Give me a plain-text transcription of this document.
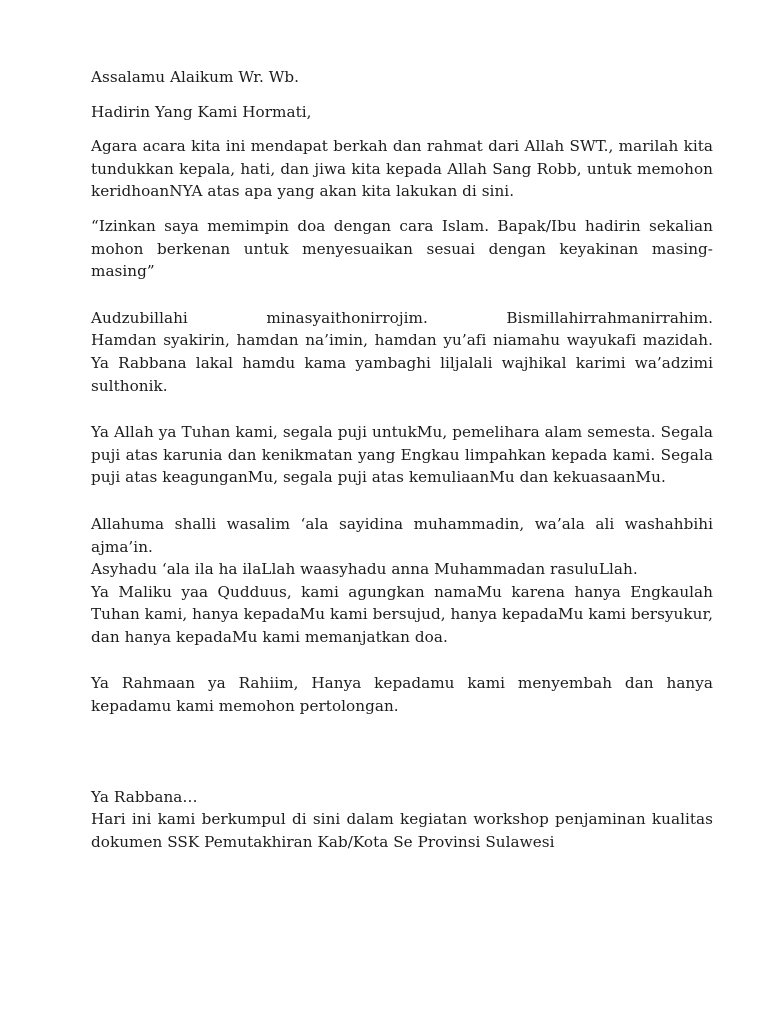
Assalamu Alaikum Wr. Wb.

Hadirin Yang Kami Hormati,

Agara acara kita ini mendapat berkah dan rahmat dari Allah SWT., marilah kita tundukkan kepala, hati, dan jiwa kita kepada Allah Sang Robb, untuk memohon keridhoanNYA atas apa yang akan kita lakukan di sini.

“Izinkan saya memimpin doa dengan cara Islam. Bapak/Ibu hadirin sekalian mohon berkenan untuk menyesuaikan sesuai dengan keyakinan masing-masing”

Audzubillahi minasyaithonirrojim. Bismillahirrahmanirrahim.
Hamdan syakirin, hamdan na’imin, hamdan yu’afi niamahu wayukafi mazidah. Ya Rabbana lakal hamdu kama yambaghi liljalali wajhikal karimi wa’adzimi sulthonik.

Ya Allah ya Tuhan kami, segala puji untukMu, pemelihara alam semesta. Segala puji atas karunia dan kenikmatan yang Engkau limpahkan kepada kami. Segala puji atas keagunganMu, segala puji atas kemuliaanMu dan kekuasaanMu.

Allahuma shalli wasalim ‘ala sayidina muhammadin, wa’ala ali washahbihi ajma’in.

Asyhadu ‘ala ila ha ilaLlah waasyhadu anna Muhammadan rasuluLlah.

Ya Maliku yaa Qudduus, kami agungkan namaMu karena hanya Engkaulah Tuhan kami, hanya kepadaMu kami bersujud, hanya kepadaMu kami bersyukur, dan hanya kepadaMu kami memanjatkan doa.

Ya Rahmaan ya Rahiim, Hanya kepadamu kami menyembah dan hanya kepadamu kami memohon pertolongan.

Ya Rabbana…

Hari ini kami berkumpul di sini dalam kegiatan workshop penjaminan kualitas dokumen SSK Pemutakhiran Kab/Kota Se Provinsi Sulawesi
